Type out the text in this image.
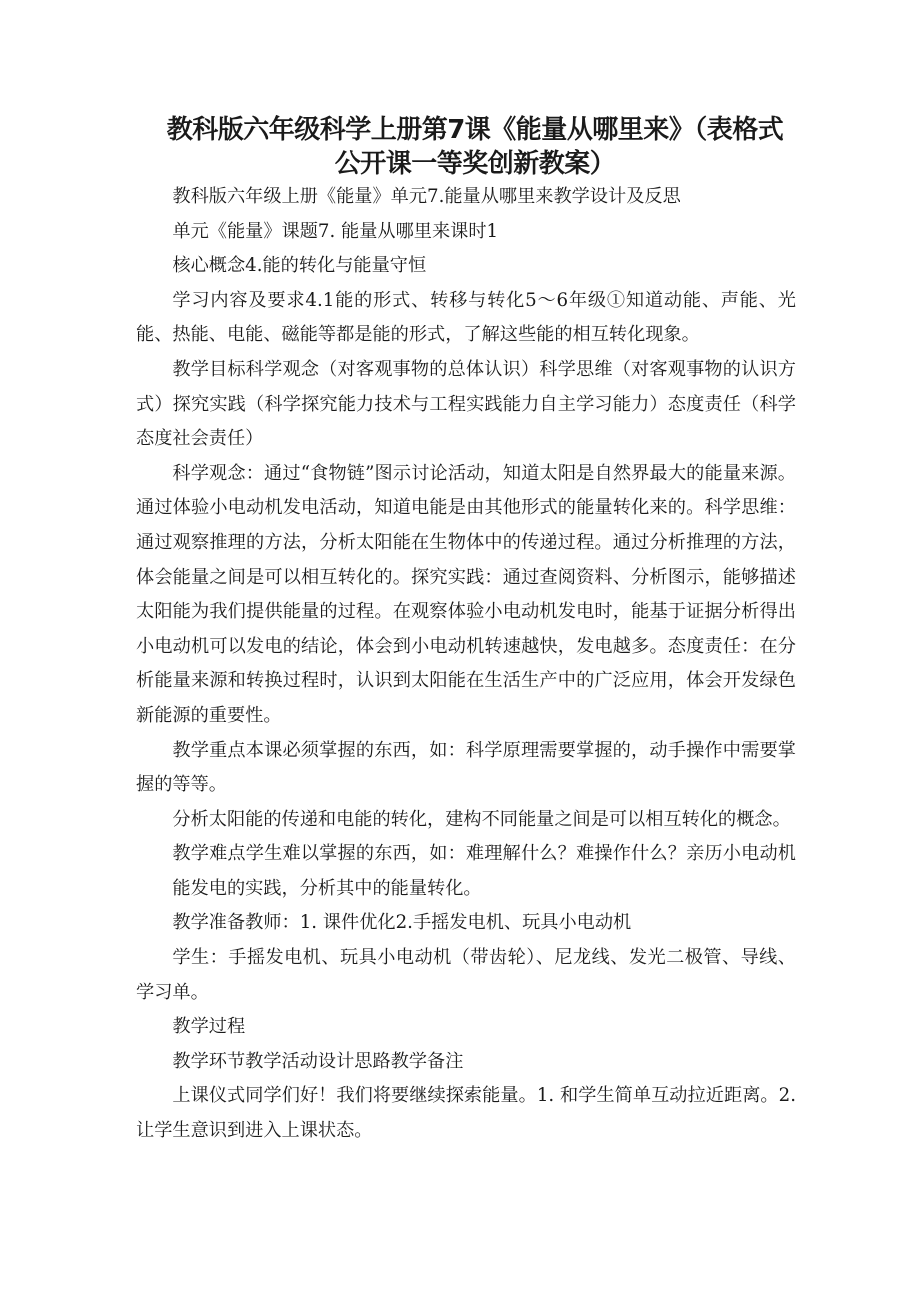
教科版六年级科学上册第7课《能量从哪里来》（表格式
公开课一等奖创新教案）

教科版六年级上册《能量》单元7.能量从哪里来教学设计及反思

单元《能量》课题7. 能量从哪里来课时1

核心概念4.能的转化与能量守恒

学习内容及要求4.1能的形式、转移与转化5～6年级①知道动能、声能、光能、热能、电能、磁能等都是能的形式，了解这些能的相互转化现象。

教学目标科学观念（对客观事物的总体认识）科学思维（对客观事物的认识方式）探究实践（科学探究能力技术与工程实践能力自主学习能力）态度责任（科学态度社会责任）

科学观念：通过“食物链”图示讨论活动，知道太阳是自然界最大的能量来源。通过体验小电动机发电活动，知道电能是由其他形式的能量转化来的。科学思维：通过观察推理的方法，分析太阳能在生物体中的传递过程。通过分析推理的方法，体会能量之间是可以相互转化的。探究实践：通过查阅资料、分析图示，能够描述太阳能为我们提供能量的过程。在观察体验小电动机发电时，能基于证据分析得出小电动机可以发电的结论，体会到小电动机转速越快，发电越多。态度责任：在分析能量来源和转换过程时，认识到太阳能在生活生产中的广泛应用，体会开发绿色新能源的重要性。

教学重点本课必须掌握的东西，如：科学原理需要掌握的，动手操作中需要掌握的等等。

分析太阳能的传递和电能的转化，建构不同能量之间是可以相互转化的概念。

教学难点学生难以掌握的东西，如：难理解什么？难操作什么？亲历小电动机能发电的实践，分析其中的能量转化。

教学准备教师：1. 课件优化2.手摇发电机、玩具小电动机

学生：手摇发电机、玩具小电动机（带齿轮）、尼龙线、发光二极管、导线、学习单。

教学过程

教学环节教学活动设计思路教学备注

上课仪式同学们好！我们将要继续探索能量。1. 和学生简单互动拉近距离。2. 让学生意识到进入上课状态。
